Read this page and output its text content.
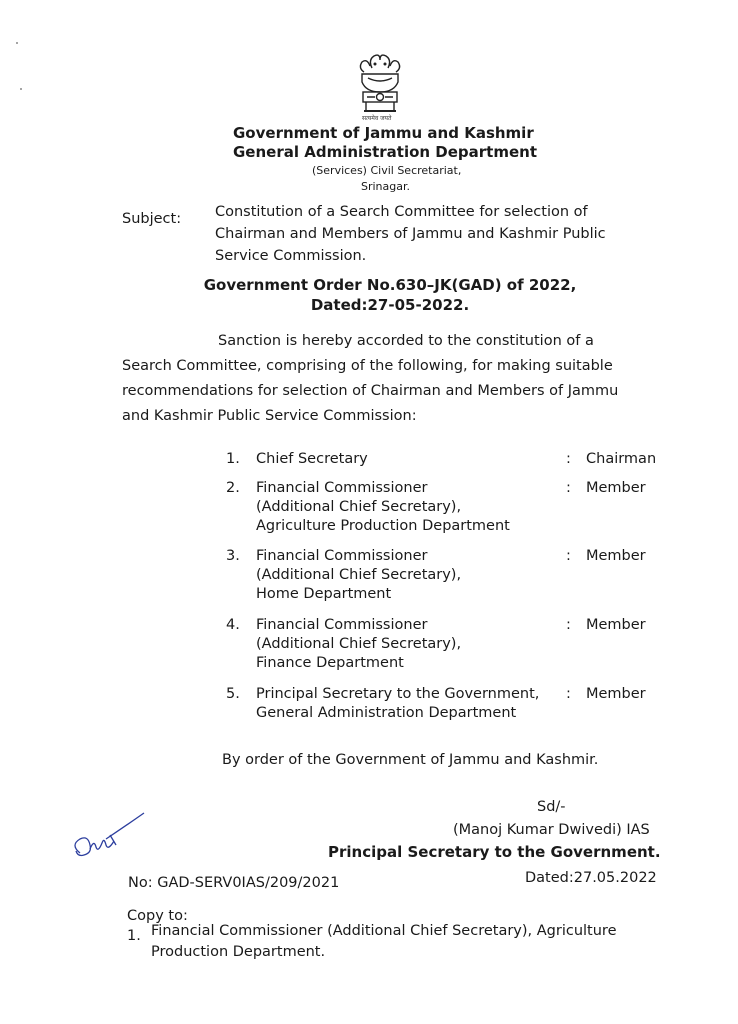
सत्यमेव जयते
Government of Jammu and Kashmir
General Administration Department
(Services) Civil Secretariat,
Srinagar.
Subject: Constitution of a Search Committee for selection of
Chairman and Members of Jammu and Kashmir Public
Service Commission.
Government Order No.630–JK(GAD) of 2022,
Dated:27-05-2022.
Sanction is hereby accorded to the constitution of a
Search Committee, comprising of the following, for making suitable
recommendations for selection of Chairman and Members of Jammu
and Kashmir Public Service Commission:
1. Chief Secretary	: Chairman
2. Financial Commissioner
(Additional Chief Secretary),
Agriculture Production Department
: Member
3. Financial Commissioner
(Additional Chief Secretary),
Home Department
: Member
4. Financial Commissioner
(Additional Chief Secretary),
Finance Department
: Member
5. Principal Secretary to the Government,
General Administration Department
: Member
By order of the Government of Jammu and Kashmir.
Sd/-
(Manoj Kumar Dwivedi) IAS
Principal Secretary to the Government.
No: GAD-SERV0IAS/209/2021	Dated:27.05.2022
Copy to:
1. Financial Commissioner (Additional Chief Secretary), Agriculture
Production Department.
